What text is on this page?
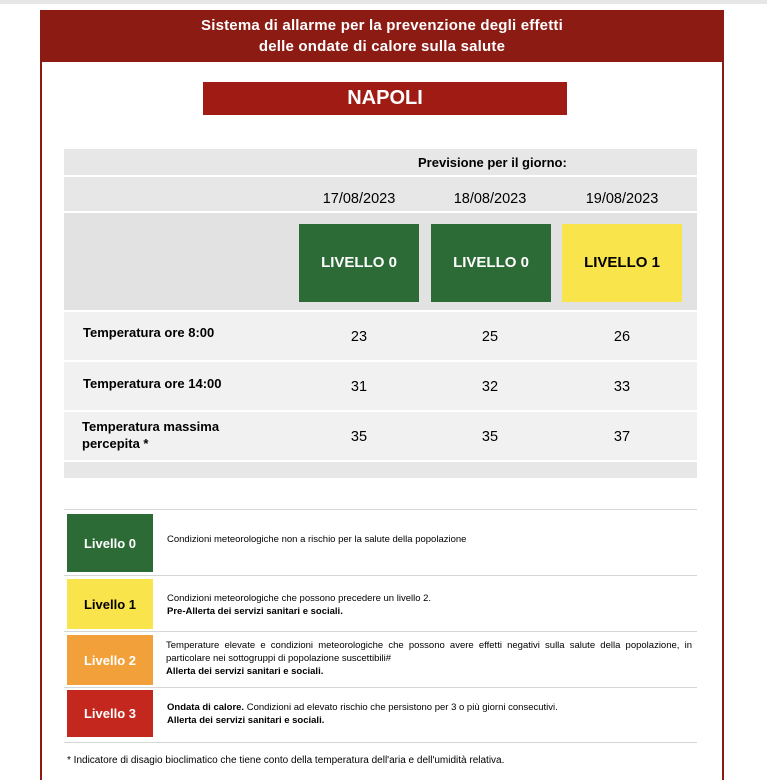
Sistema di allarme per la prevenzione degli effetti
delle ondate di calore sulla salute
NAPOLI
Previsione per il giorno:
17/08/2023	18/08/2023	19/08/2023
LIVELLO 0	LIVELLO 0	LIVELLO 1
Temperatura ore 8:00	23	25	26
Temperatura ore 14:00	31	32	33
Temperatura massima
percepita *	35	35	37
Livello 0	Condizioni meteorologiche non a rischio per la salute della popolazione
Livello 1	Condizioni meteorologiche che possono precedere un livello 2.
Pre-Allerta dei servizi sanitari e sociali.
Livello 2
Temperature elevate e condizioni meteorologiche che possono avere effetti negativi sulla salute della popolazione, in particolare nei sottogruppi di popolazione suscettibili#
Allerta dei servizi sanitari e sociali.
Livello 3	Ondata di calore. Condizioni ad elevato rischio che persistono per 3 o più giorni consecutivi.
Allerta dei servizi sanitari e sociali.
* Indicatore di disagio bioclimatico che tiene conto della temperatura dell'aria e dell'umidità relativa.
